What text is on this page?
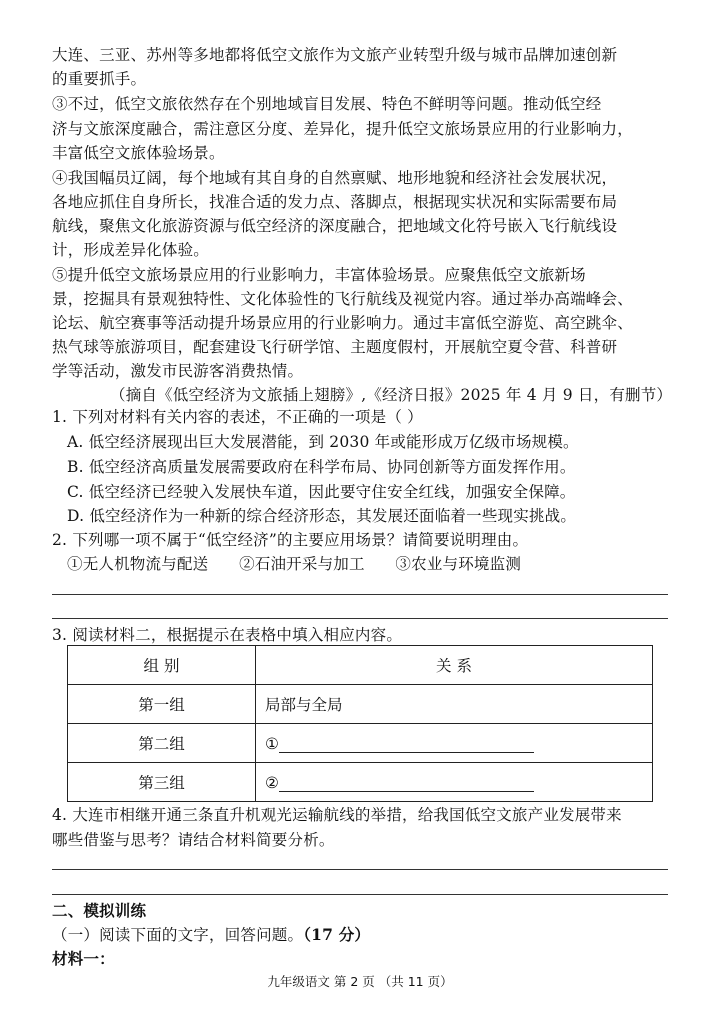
大连、三亚、苏州等多地都将低空文旅作为文旅产业转型升级与城市品牌加速创新
的重要抓手。
③不过，低空文旅依然存在个别地域盲目发展、特色不鲜明等问题。推动低空经
济与文旅深度融合，需注意区分度、差异化，提升低空文旅场景应用的行业影响力，
丰富低空文旅体验场景。
④我国幅员辽阔，每个地域有其自身的自然禀赋、地形地貌和经济社会发展状况，
各地应抓住自身所长，找准合适的发力点、落脚点，根据现实状况和实际需要布局
航线，聚焦文化旅游资源与低空经济的深度融合，把地域文化符号嵌入飞行航线设
计，形成差异化体验。
⑤提升低空文旅场景应用的行业影响力，丰富体验场景。应聚焦低空文旅新场
景，挖掘具有景观独特性、文化体验性的飞行航线及视觉内容。通过举办高端峰会、
论坛、航空赛事等活动提升场景应用的行业影响力。通过丰富低空游览、高空跳伞、
热气球等旅游项目，配套建设飞行研学馆、主题度假村，开展航空夏令营、科普研
学等活动，激发市民游客消费热情。
（摘自《低空经济为文旅插上翅膀》,《经济日报》2025 年 4 月 9 日，有删节）
1. 下列对材料有关内容的表述，不正确的一项是（ ）
A. 低空经济展现出巨大发展潜能，到 2030 年或能形成万亿级市场规模。
B. 低空经济高质量发展需要政府在科学布局、协同创新等方面发挥作用。
C. 低空经济已经驶入发展快车道，因此要守住安全红线，加强安全保障。
D. 低空经济作为一种新的综合经济形态，其发展还面临着一些现实挑战。
2. 下列哪一项不属于“低空经济”的主要应用场景？请简要说明理由。
①无人机物流与配送      ②石油开采与加工      ③农业与环境监测
3. 阅读材料二，根据提示在表格中填入相应内容。
组 别	关 系
第一组	局部与全局
第二组	①
第三组	②
4. 大连市相继开通三条直升机观光运输航线的举措，给我国低空文旅产业发展带来
哪些借鉴与思考？请结合材料简要分析。
二、模拟训练
（一）阅读下面的文字，回答问题。（17 分）
材料一：
九年级语文 第 2 页 （共 11 页）
